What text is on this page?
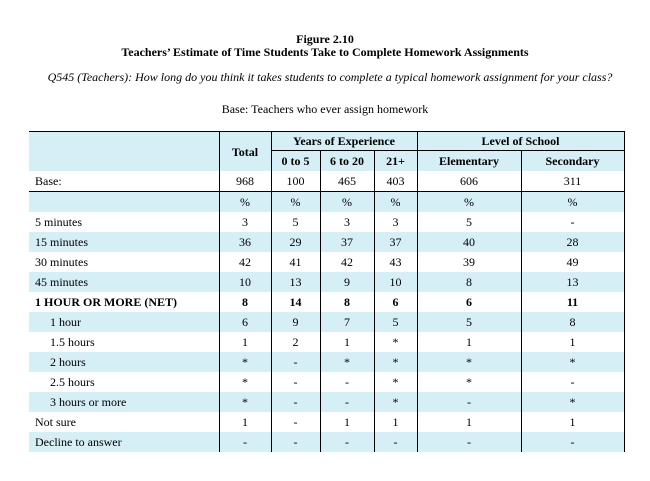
Figure 2.10
Teachers’ Estimate of Time Students Take to Complete Homework Assignments
Q545 (Teachers): How long do you think it takes students to complete a typical homework assignment for your class?
Base: Teachers who ever assign homework
	Total	Years of Experience			Level of School	
		0 to 5	6 to 20	21+	Elementary	Secondary
Base:	968	100	465	403	606	311
	%	%	%	%	%	%
5 minutes	3	5	3	3	5	-
15 minutes	36	29	37	37	40	28
30 minutes	42	41	42	43	39	49
45 minutes	10	13	9	10	8	13
1 HOUR OR MORE (NET)	8	14	8	6	6	11
1 hour	6	9	7	5	5	8
1.5 hours	1	2	1	*	1	1
2 hours	*	-	*	*	*	*
2.5 hours	*	-	-	*	*	-
3 hours or more	*	-	-	*	-	*
Not sure	1	-	1	1	1	1
Decline to answer	-	-	-	-	-	-
